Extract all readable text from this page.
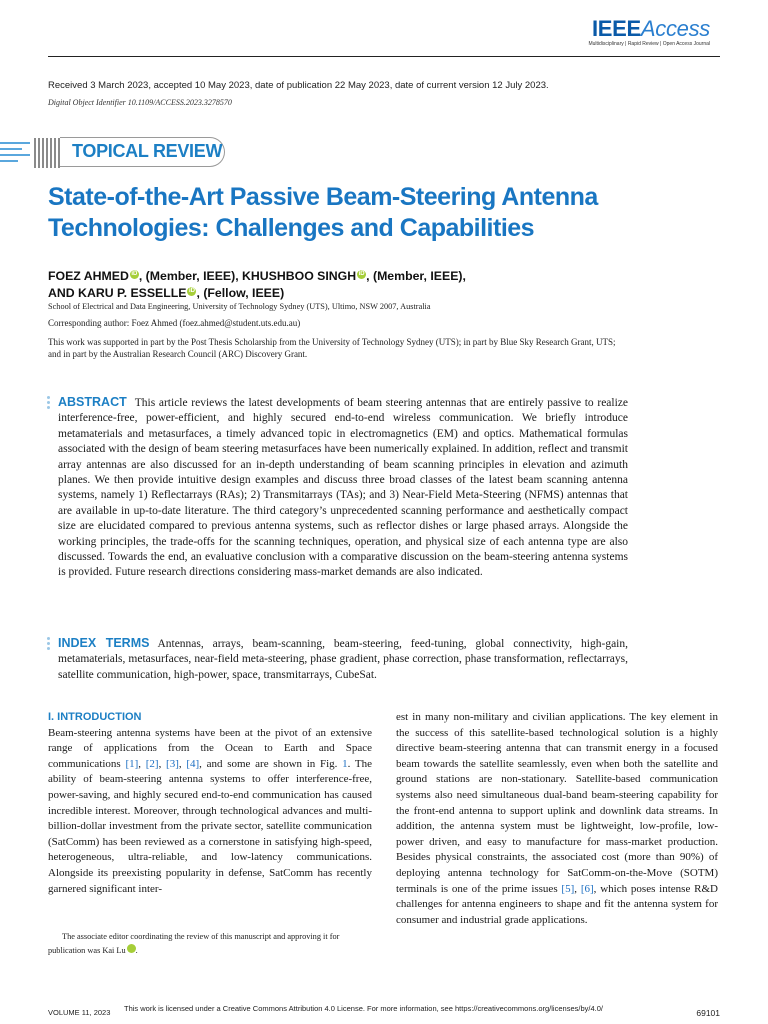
IEEEAccess
Multidisciplinary | Rapid Review | Open Access Journal
Received 3 March 2023, accepted 10 May 2023, date of publication 22 May 2023, date of current version 12 July 2023.
Digital Object Identifier 10.1109/ACCESS.2023.3278570
TOPICAL REVIEW
State-of-the-Art Passive Beam-Steering Antenna Technologies: Challenges and Capabilities
FOEZ AHMED iD , (Member, IEEE), KHUSHBOO SINGH iD , (Member, IEEE),
AND KARU P. ESSELLE iD , (Fellow, IEEE)
School of Electrical and Data Engineering, University of Technology Sydney (UTS), Ultimo, NSW 2007, Australia
Corresponding author: Foez Ahmed (foez.ahmed@student.uts.edu.au)
This work was supported in part by the Post Thesis Scholarship from the University of Technology Sydney (UTS); in part by Blue Sky Research Grant, UTS; and in part by the Australian Research Council (ARC) Discovery Grant.
ABSTRACT This article reviews the latest developments of beam steering antennas that are entirely passive to realize interference-free, power-efficient, and highly secured end-to-end wireless communication. We briefly introduce metamaterials and metasurfaces, a timely advanced topic in electromagnetics (EM) and optics. Mathematical formulas associated with the design of beam steering metasurfaces have been numerically explained. In addition, reflect and transmit array antennas are also discussed for an in-depth understanding of beam scanning principles in elevation and azimuth planes. We then provide intuitive design examples and discuss three broad classes of the latest beam scanning antenna systems, namely 1) Reflectarrays (RAs); 2) Transmitarrays (TAs); and 3) Near-Field Meta-Steering (NFMS) antennas that are available in up-to-date literature. The third category’s unprecedented scanning performance and aesthetically compact size are elucidated compared to previous antenna systems, such as reflector dishes or large phased arrays. Alongside the working principles, the trade-offs for the scanning techniques, operation, and physical size of each antenna type are also discussed. Towards the end, an evaluative conclusion with a comparative discussion on the beam-steering antenna systems is provided. Future research directions considering mass-market demands are also indicated.
INDEX TERMS Antennas, arrays, beam-scanning, beam-steering, feed-tuning, global connectivity, high-gain, metamaterials, metasurfaces, near-field meta-steering, phase gradient, phase correction, phase transformation, reflectarrays, satellite communication, high-power, space, transmitarrays, CubeSat.
I. INTRODUCTION
Beam-steering antenna systems have been at the pivot of an extensive range of applications from the Ocean to Earth and Space communications [1], [2], [3], [4], and some are shown in Fig. 1. The ability of beam-steering antenna systems to offer interference-free, power-saving, and highly secured end-to-end communication has caused incredible interest. Moreover, through technological advances and multi-billion-dollar investment from the private sector, satellite communication (SatComm) has been reviewed as a cornerstone in satisfying high-speed, heterogeneous, ultra-reliable, and low-latency communications. Alongside its preexisting popularity in defense, SatComm has recently garnered significant inter-
The associate editor coordinating the review of this manuscript and approving it for publication was Kai Lu	iD.
est in many non-military and civilian applications. The key element in the success of this satellite-based technological solution is a highly directive beam-steering antenna that can transmit energy in a focused beam towards the satellite seamlessly, even when both the satellite and ground stations are non-stationary. Satellite-based communication systems also need simultaneous dual-band beam-steering capability for the front-end antenna to support uplink and downlink data streams. In addition, the antenna system must be lightweight, low-profile, low-power driven, and easy to manufacture for mass-market production. Besides physical constraints, the associated cost (more than 90%) of deploying antenna technology for SatComm-on-the-Move (SOTM) terminals is one of the prime issues [5], [6], which poses intense R&D challenges for antenna engineers to shape and fit the antenna system for consumer and industrial grade applications.
VOLUME 11, 2023 This work is licensed under a Creative Commons Attribution 4.0 License. For more information, see https://creativecommons.org/licenses/by/4.0/	69101
